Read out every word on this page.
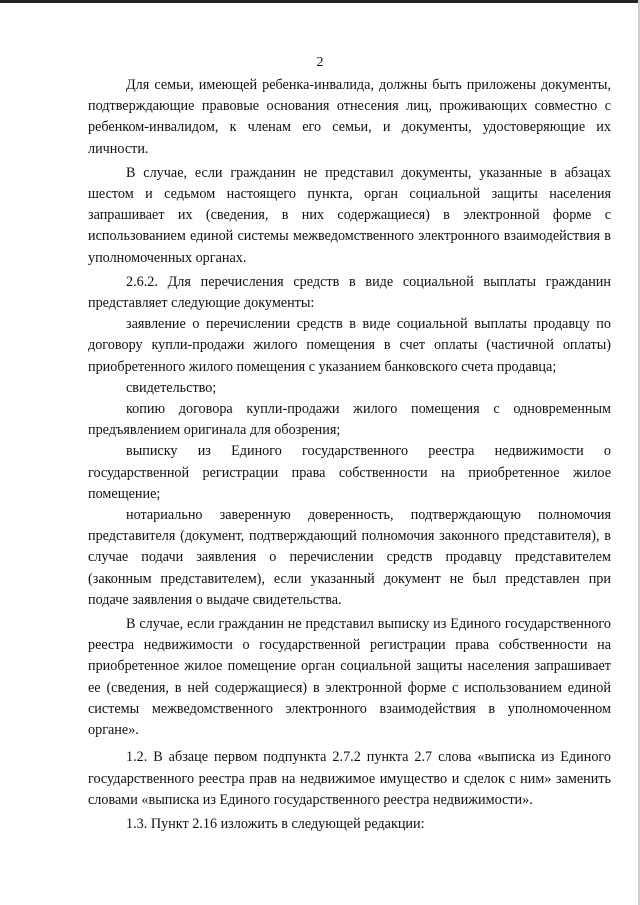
2

Для семьи, имеющей ребенка-инвалида, должны быть приложены документы, подтверждающие правовые основания отнесения лиц, проживающих совместно с ребенком-инвалидом, к членам его семьи, и документы, удостоверяющие их личности.

В случае, если гражданин не представил документы, указанные в абзацах шестом и седьмом настоящего пункта, орган социальной защиты населения запрашивает их (сведения, в них содержащиеся) в электронной форме с использованием единой системы межведомственного электронного взаимодействия в уполномоченных органах.

2.6.2. Для перечисления средств в виде социальной выплаты гражданин представляет следующие документы:

заявление о перечислении средств в виде социальной выплаты продавцу по договору купли-продажи жилого помещения в счет оплаты (частичной оплаты) приобретенного жилого помещения с указанием банковского счета продавца;

свидетельство;

копию договора купли-продажи жилого помещения с одновременным предъявлением оригинала для обозрения;

выписку из Единого государственного реестра недвижимости о государственной регистрации права собственности на приобретенное жилое помещение;

нотариально заверенную доверенность, подтверждающую полномочия представителя (документ, подтверждающий полномочия законного представителя), в случае подачи заявления о перечислении средств продавцу представителем (законным представителем), если указанный документ не был представлен при подаче заявления о выдаче свидетельства.

В случае, если гражданин не представил выписку из Единого государственного реестра недвижимости о государственной регистрации права собственности на приобретенное жилое помещение орган социальной защиты населения запрашивает ее (сведения, в ней содержащиеся) в электронной форме с использованием единой системы межведомственного электронного взаимодействия в уполномоченном органе».

1.2. В абзаце первом подпункта 2.7.2 пункта 2.7 слова «выписка из Единого государственного реестра прав на недвижимое имущество и сделок с ним» заменить словами «выписка из Единого государственного реестра недвижимости».

1.3. Пункт 2.16 изложить в следующей редакции:
